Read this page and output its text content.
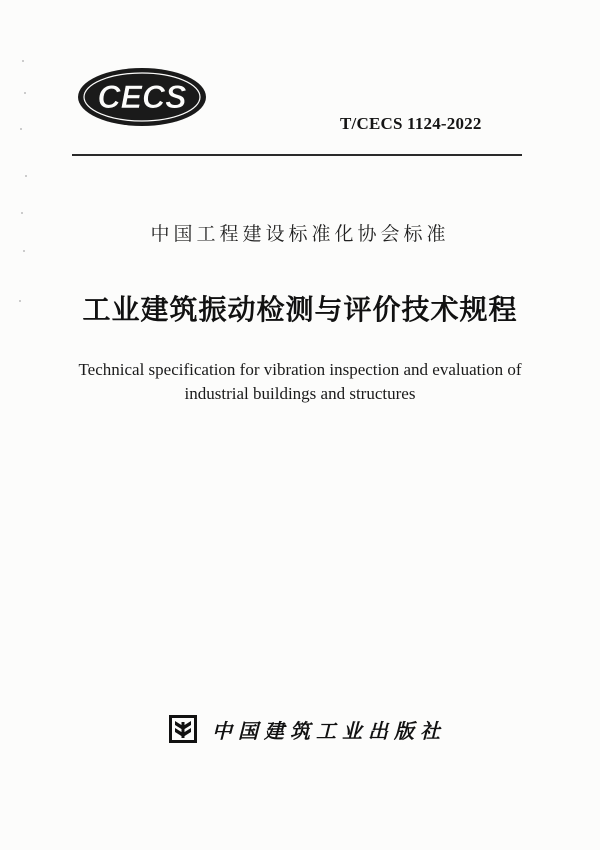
CECS
T/CECS 1124-2022
中国工程建设标准化协会标准
工业建筑振动检测与评价技术规程
Technical specification for vibration inspection and evaluation of
industrial buildings and structures
中国建筑工业出版社
